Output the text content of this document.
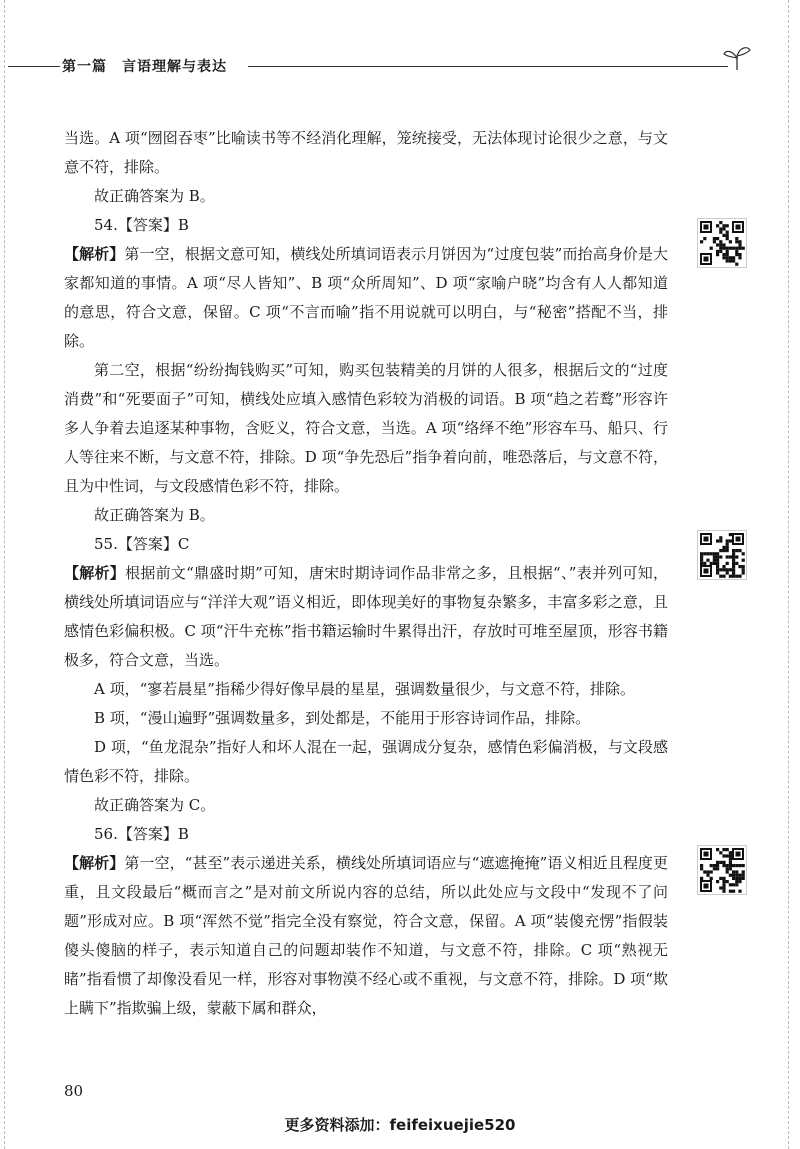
第一篇　言语理解与表达

当选。A 项“囫囵吞枣”比喻读书等不经消化理解，笼统接受，无法体现讨论很少之意，与文意不符，排除。

故正确答案为 B。

54.【答案】B

【解析】第一空，根据文意可知，横线处所填词语表示月饼因为“过度包装”而抬高身价是大家都知道的事情。A 项“尽人皆知”、B 项“众所周知”、D 项“家喻户晓”均含有人人都知道的意思，符合文意，保留。C 项“不言而喻”指不用说就可以明白，与“秘密”搭配不当，排除。

第二空，根据“纷纷掏钱购买”可知，购买包装精美的月饼的人很多，根据后文的“过度消费”和“死要面子”可知，横线处应填入感情色彩较为消极的词语。B 项“趋之若鹜”形容许多人争着去追逐某种事物，含贬义，符合文意，当选。A 项“络绎不绝”形容车马、船只、行人等往来不断，与文意不符，排除。D 项“争先恐后”指争着向前，唯恐落后，与文意不符，且为中性词，与文段感情色彩不符，排除。

故正确答案为 B。

55.【答案】C

【解析】根据前文“鼎盛时期”可知，唐宋时期诗词作品非常之多，且根据“、”表并列可知，横线处所填词语应与“洋洋大观”语义相近，即体现美好的事物复杂繁多，丰富多彩之意，且感情色彩偏积极。C 项“汗牛充栋”指书籍运输时牛累得出汗，存放时可堆至屋顶，形容书籍极多，符合文意，当选。

A 项，“寥若晨星”指稀少得好像早晨的星星，强调数量很少，与文意不符，排除。

B 项，“漫山遍野”强调数量多，到处都是，不能用于形容诗词作品，排除。

D 项，“鱼龙混杂”指好人和坏人混在一起，强调成分复杂，感情色彩偏消极，与文段感情色彩不符，排除。

故正确答案为 C。

56.【答案】B

【解析】第一空，“甚至”表示递进关系，横线处所填词语应与“遮遮掩掩”语义相近且程度更重，且文段最后“概而言之”是对前文所说内容的总结，所以此处应与文段中“发现不了问题”形成对应。B 项“浑然不觉”指完全没有察觉，符合文意，保留。A 项“装傻充愣”指假装傻头傻脑的样子，表示知道自己的问题却装作不知道，与文意不符，排除。C 项“熟视无睹”指看惯了却像没看见一样，形容对事物漠不经心或不重视，与文意不符，排除。D 项“欺上瞒下”指欺骗上级，蒙蔽下属和群众，

80
更多资料添加：feifeixuejie520
